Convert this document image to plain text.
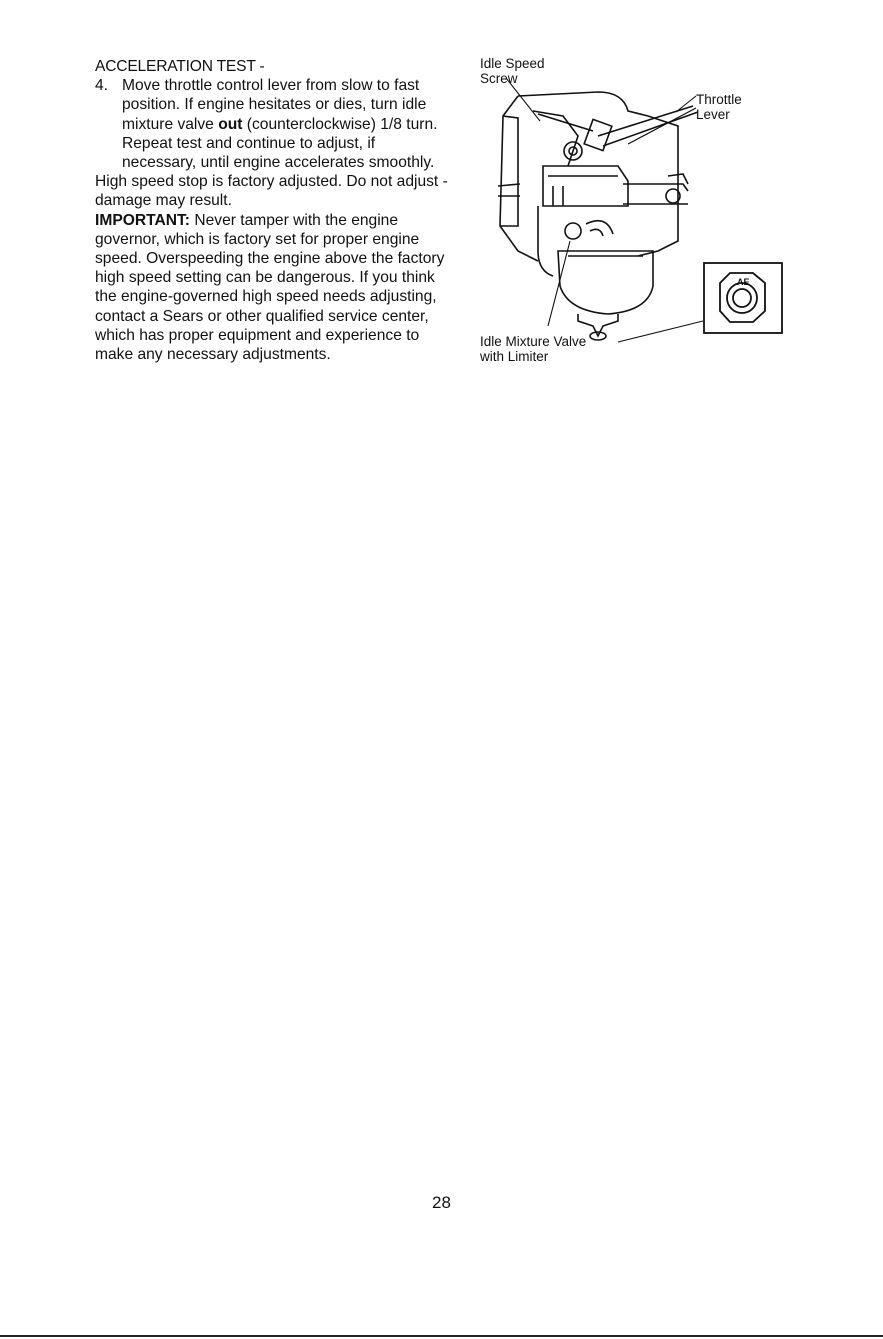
ACCELERATION TEST -
4. Move throttle control lever from slow to fast position. If engine hesitates or dies, turn idle mixture valve out (counterclockwise) 1/8 turn. Repeat test and continue to adjust, if necessary, until engine accelerates smoothly.

High speed stop is factory adjusted. Do not adjust - damage may result.

IMPORTANT: Never tamper with the engine governor, which is factory set for proper engine speed. Overspeeding the engine above the factory high speed setting can be dangerous. If you think the engine-governed high speed needs adjusting, contact a Sears or other qualified service center, which has proper equipment and experience to make any necessary adjustments.

AE
Idle Speed
Screw
Throttle
Lever
Idle Mixture Valve
with Limiter
28
